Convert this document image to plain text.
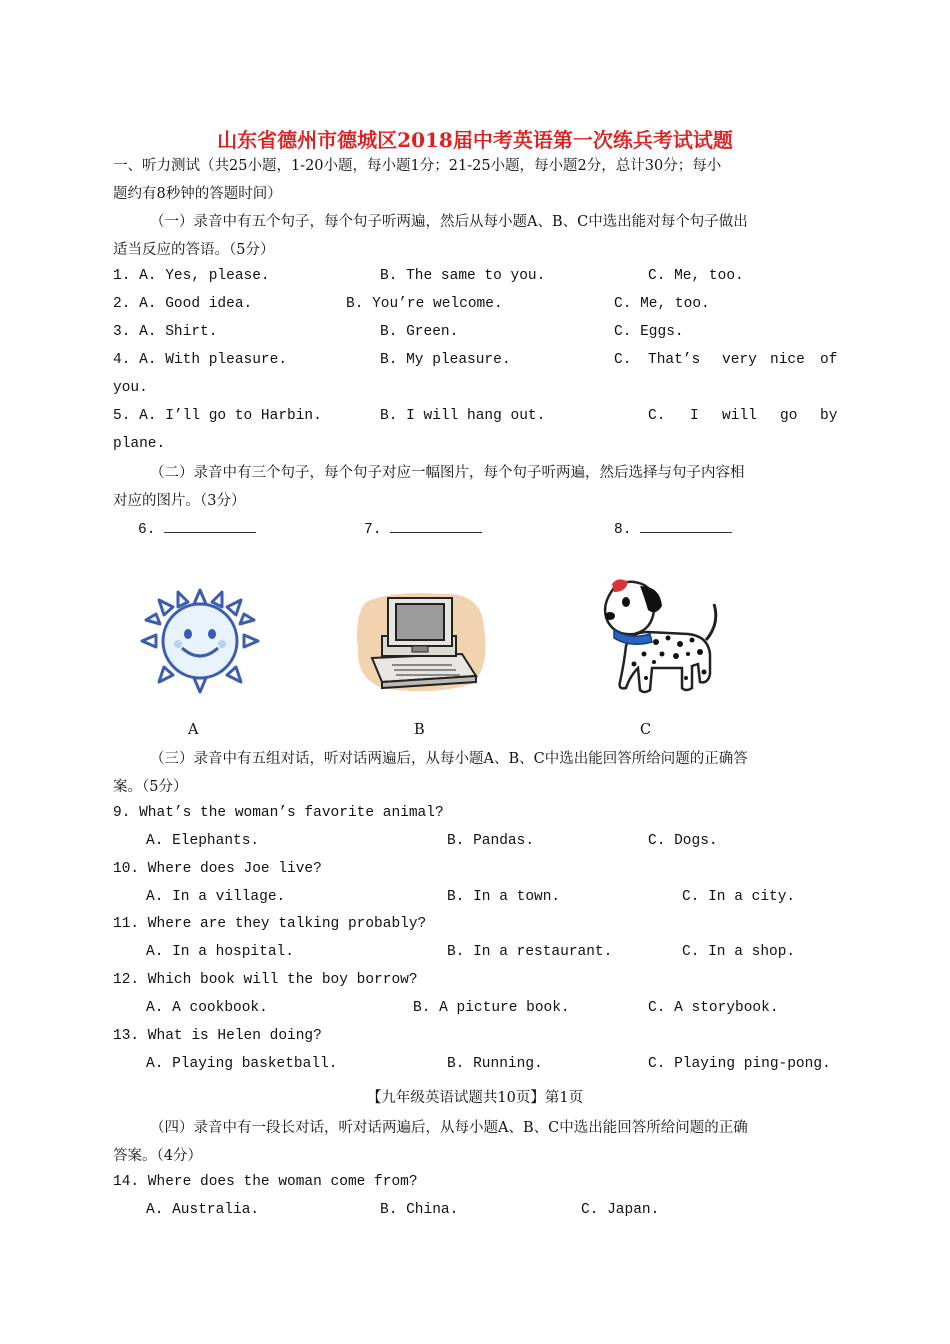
山东省德州市德城区2018届中考英语第一次练兵考试试题
一、听力测试（共25小题，1-20小题，每小题1分；21-25小题，每小题2分，总计30分；每小
题约有8秒钟的答题时间）
（一）录音中有五个句子，每个句子听两遍，然后从每小题A、B、C中选出能对每个句子做出
适当反应的答语。（5分）
1. A. Yes, please.	B. The same to you.	C. Me, too.
2. A. Good idea.	B. You’re welcome.	C. Me, too.
3. A. Shirt.	B. Green.	C. Eggs.
4. A. With pleasure.	B. My pleasure.	C. That’s very nice of
you.
5. A. I’ll go to Harbin.	B. I will hang out.	C. I will go by
plane.
（二）录音中有三个句子，每个句子对应一幅图片，每个句子听两遍，然后选择与句子内容相
对应的图片。（3分）
6.	7.	8.
A	B	C
（三）录音中有五组对话，听对话两遍后，从每小题A、B、C中选出能回答所给问题的正确答
案。（5分）
9. What’s the woman’s favorite animal?
A. Elephants.	B. Pandas.	C. Dogs.
10. Where does Joe live?
A. In a village.	B. In a town.	C. In a city.
11. Where are they talking probably?
A. In a hospital.	B. In a restaurant.	C. In a shop.
12. Which book will the boy borrow?
A. A cookbook.	B. A picture book.	C. A storybook.
13. What is Helen doing?
A. Playing basketball.	B. Running.	C. Playing ping-pong.
【九年级英语试题共10页】第1页
（四）录音中有一段长对话，听对话两遍后，从每小题A、B、C中选出能回答所给问题的正确
答案。（4分）
14. Where does the woman come from?
A. Australia.	B. China.	C. Japan.
